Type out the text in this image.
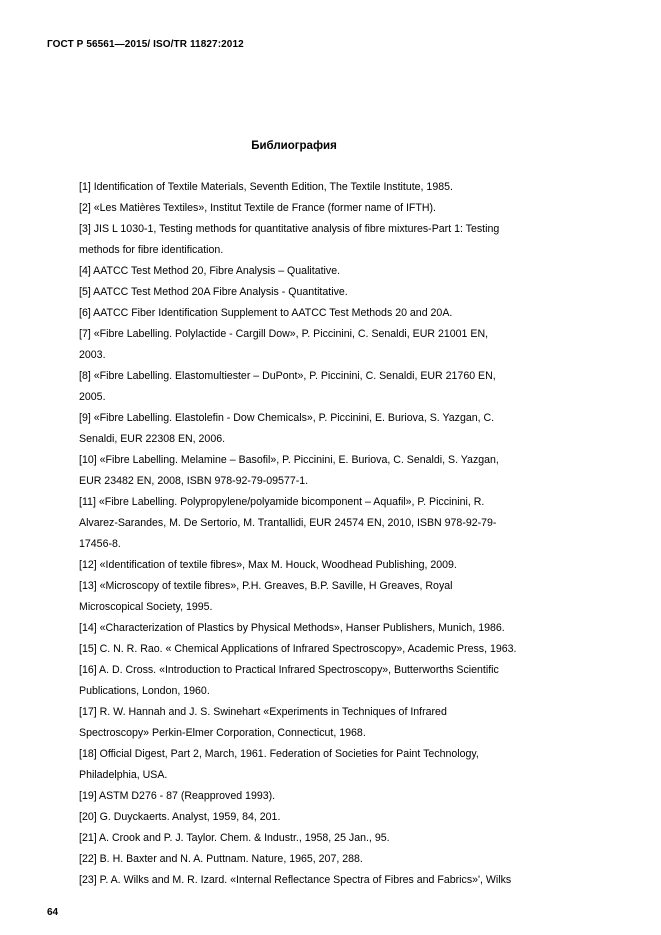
ГОСТ Р 56561—2015/ ISO/TR 11827:2012
Библиография
[1] Identification of Textile Materials, Seventh Edition, The Textile Institute, 1985.
[2] «Les Matières Textiles», Institut Textile de France (former name of IFTH).
[3] JIS L 1030-1, Testing methods for quantitative analysis of fibre mixtures-Part 1: Testing
methods for fibre identification.
[4] AATCC Test Method 20, Fibre Analysis – Qualitative.
[5] AATCC Test Method 20A Fibre Analysis - Quantitative.
[6] AATCC Fiber Identification Supplement to AATCC Test Methods 20 and 20A.
[7] «Fibre Labelling. Polylactide - Cargill Dow», P. Piccinini, C. Senaldi, EUR 21001 EN,
2003.
[8] «Fibre Labelling. Elastomultiester – DuPont», P. Piccinini, C. Senaldi, EUR 21760 EN,
2005.
[9] «Fibre Labelling. Elastolefin - Dow Chemicals», P. Piccinini, E. Buriova, S. Yazgan, C.
Senaldi, EUR 22308 EN, 2006.
[10] «Fibre Labelling. Melamine – Basofil», P. Piccinini, E. Buriova, C. Senaldi, S. Yazgan,
EUR 23482 EN, 2008, ISBN 978-92-79-09577-1.
[11] «Fibre Labelling. Polypropylene/polyamide bicomponent – Aquafil», P. Piccinini, R.
Alvarez-Sarandes, M. De Sertorio, M. Trantallidi, EUR 24574 EN, 2010, ISBN 978-92-79-
17456-8.
[12] «Identification of textile fibres», Max M. Houck, Woodhead Publishing, 2009.
[13] «Microscopy of textile fibres», P.H. Greaves, B.P. Saville, H Greaves, Royal
Microscopical Society, 1995.
[14] «Characterization of Plastics by Physical Methods», Hanser Publishers, Munich, 1986.
[15] C. N. R. Rao. « Chemical Applications of Infrared Spectroscopy», Academic Press, 1963.
[16] A. D. Cross. «Introduction to Practical Infrared Spectroscopy», Butterworths Scientific
Publications, London, 1960.
[17] R. W. Hannah and J. S. Swinehart «Experiments in Techniques of Infrared
Spectroscopy» Perkin-Elmer Corporation, Connecticut, 1968.
[18] Official Digest, Part 2, March, 1961. Federation of Societies for Paint Technology,
Philadelphia, USA.
[19] ASTM D276 - 87 (Reapproved 1993).
[20] G. Duyckaerts. Analyst, 1959, 84, 201.
[21] A. Crook and P. J. Taylor. Chem. & Industr., 1958, 25 Jan., 95.
[22] B. H. Baxter and N. A. Puttnam. Nature, 1965, 207, 288.
[23] P. A. Wilks and M. R. Izard. «Internal Reflectance Spectra of Fibres and Fabrics»', Wilks
64
